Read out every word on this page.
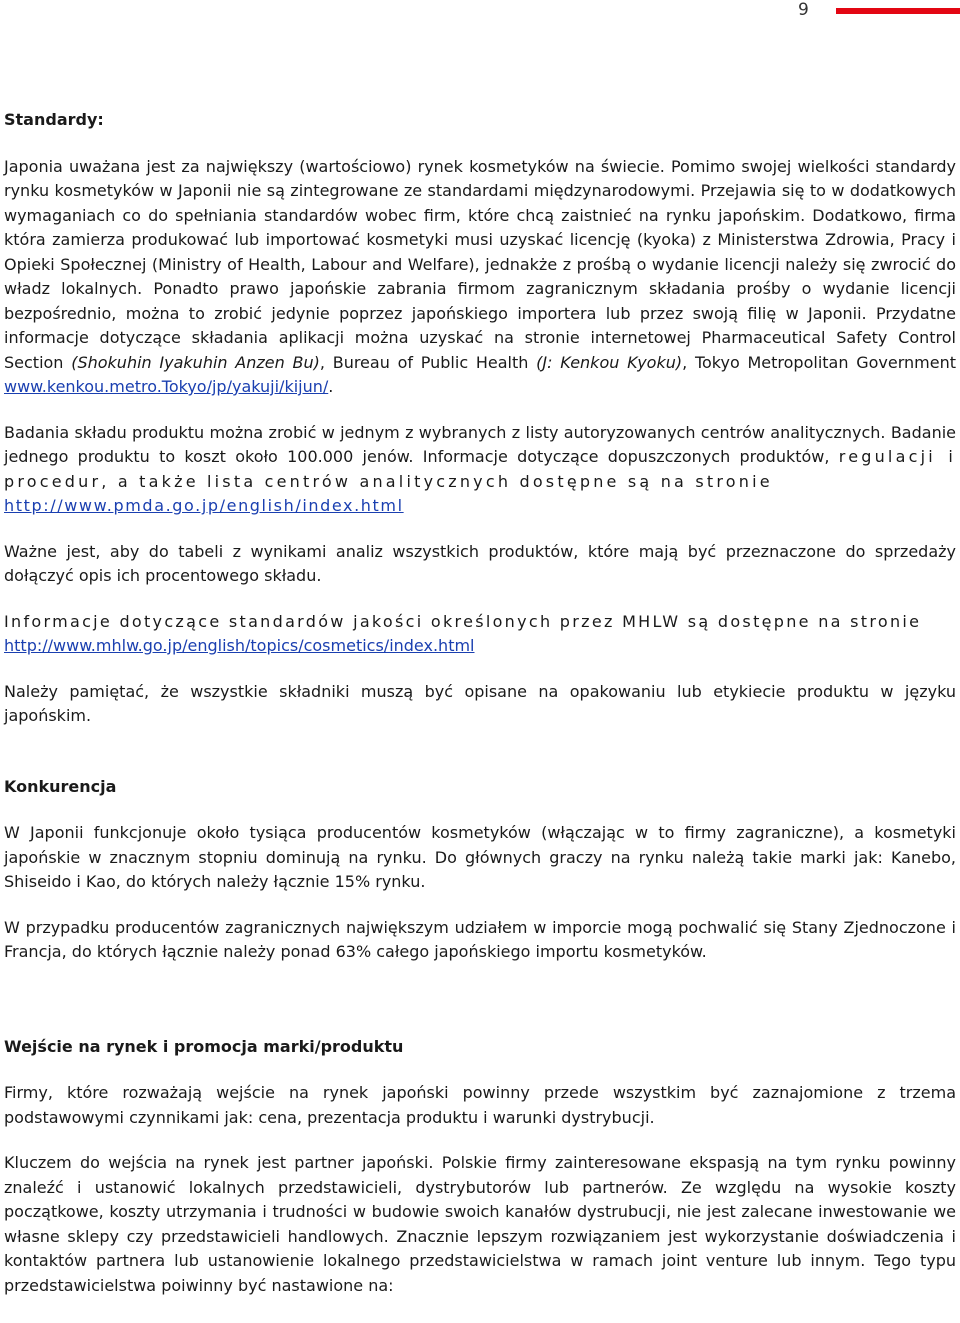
9

Standardy:

Japonia uważana jest za największy (wartościowo) rynek kosmetyków na świecie. Pomimo swojej wielkości standardy rynku kosmetyków w Japonii nie są zintegrowane ze standardami międzynarodowymi. Przejawia się to w dodatkowych wymaganiach co do spełniania standardów wobec firm, które chcą zaistnieć na rynku japońskim. Dodatkowo, firma która zamierza produkować lub importować kosmetyki musi uzyskać licencję (kyoka) z Ministerstwa Zdrowia, Pracy i Opieki Społecznej (Ministry of Health, Labour and Welfare), jednakże z prośbą o wydanie licencji należy się zwrocić do władz lokalnych. Ponadto prawo japońskie zabrania firmom zagranicznym składania prośby o wydanie licencji bezpośrednio, można to zrobić jedynie poprzez japońskiego importera lub przez swoją filię w Japonii. Przydatne informacje dotyczące składania aplikacji można uzyskać na stronie internetowej Pharmaceutical Safety Control Section (Shokuhin Iyakuhin Anzen Bu), Bureau of Public Health (J: Kenkou Kyoku), Tokyo Metropolitan Government www.kenkou.metro.Tokyo/jp/yakuji/kijun/.

Badania składu produktu można zrobić w jednym z wybranych z listy autoryzowanych centrów analitycznych. Badanie jednego produktu to koszt około 100.000 jenów. Informacje dotyczące dopuszczonych produktów, regulacji i procedur, a także lista centrów analitycznych dostępne są na stronie
http://www.pmda.go.jp/english/index.html

Ważne jest, aby do tabeli z wynikami analiz wszystkich produktów, które mają być przeznaczone do sprzedaży dołączyć opis ich procentowego składu.

Informacje dotyczące standardów jakości określonych przez MHLW są dostępne na stronie
http://www.mhlw.go.jp/english/topics/cosmetics/index.html

Należy pamiętać, że wszystkie składniki muszą być opisane na opakowaniu lub etykiecie produktu w języku japońskim.

Konkurencja

W Japonii funkcjonuje około tysiąca producentów kosmetyków (włączając w to firmy zagraniczne), a kosmetyki japońskie w znacznym stopniu dominują na rynku. Do głównych graczy na rynku należą takie marki jak: Kanebo, Shiseido i Kao, do których należy łącznie 15% rynku.

W przypadku producentów zagranicznych największym udziałem w imporcie mogą pochwalić się Stany Zjednoczone i Francja, do których łącznie należy ponad 63% całego japońskiego importu kosmetyków.

Wejście na rynek i promocja marki/produktu

Firmy, które rozważają wejście na rynek japoński powinny przede wszystkim być zaznajomione z trzema podstawowymi czynnikami jak: cena, prezentacja produktu i warunki dystrybucji.

Kluczem do wejścia na rynek jest partner japoński. Polskie firmy zainteresowane ekspasją na tym rynku powinny znaleźć i ustanowić lokalnych przedstawicieli, dystrybutorów lub partnerów. Ze względu na wysokie koszty początkowe, koszty utrzymania i trudności w budowie swoich kanałów dystrubucji, nie jest zalecane inwestowanie we własne sklepy czy przedstawicieli handlowych. Znacznie lepszym rozwiązaniem jest wykorzystanie doświadczenia i kontaktów partnera lub ustanowienie lokalnego przedstawicielstwa w ramach joint venture lub innym. Tego typu przedstawicielstwa poiwinny być nastawione na:
